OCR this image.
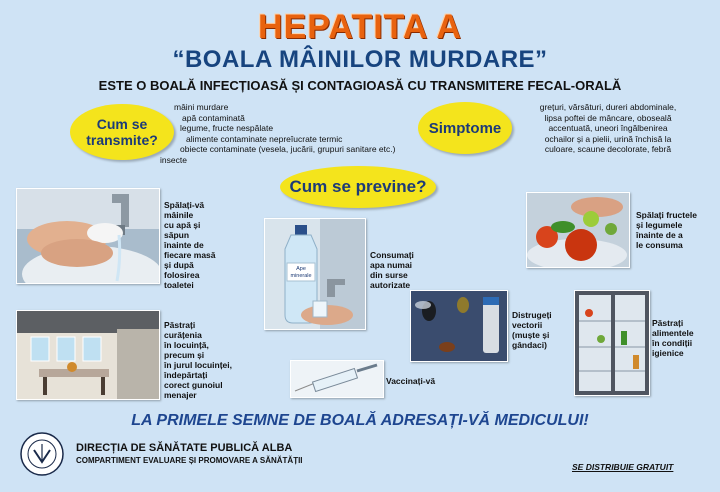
HEPATITA A
“BOALA MÂINILOR MURDARE”
ESTE O BOALĂ INFECȚIOASĂ ȘI CONTAGIOASĂ CU TRANSMITERE FECAL-ORALĂ
Cum se
transmite?
mâini murdare
apă contaminată
legume, fructe nespălate
alimente contaminate nepreîucrate termic
obiecte contaminate (vesela, jucării, grupuri sanitare etc.)
insecte
Simptome
grețuri, vărsături, dureri abdominale,
lipsa poftei de mâncare, oboseală
accentuată, uneori îngălbenirea
ochailor și a pielii, urină închisă la
culoare, scaune decolorate, febră
Cum se previne?
Spălați-vă
mâinile
cu apă și
săpun
înainte de
fiecare masă
și după
folosirea
toaletei
Ape
minerale
Consumați
apa numai
din surse
autorizate
Spălați fructele
și legumele
înainte de a
le consuma
Păstrați
curățenia
în locuință,
precum și
în jurul locuinței,
îndepărtați
corect gunoiul
menajer
Vaccinați-vă
Distrugeți
vectorii
(muște și
gândaci)
Păstrați
alimentele
în condiții
igienice
LA PRIMELE SEMNE DE BOALĂ ADRESAȚI-VĂ MEDICULUI!
DIRECȚIA DE SĂNĂTATE PUBLICĂ ALBA
COMPARTIMENT EVALUARE ȘI PROMOVARE A SĂNĂTĂȚII
SE DISTRIBUIE GRATUIT
